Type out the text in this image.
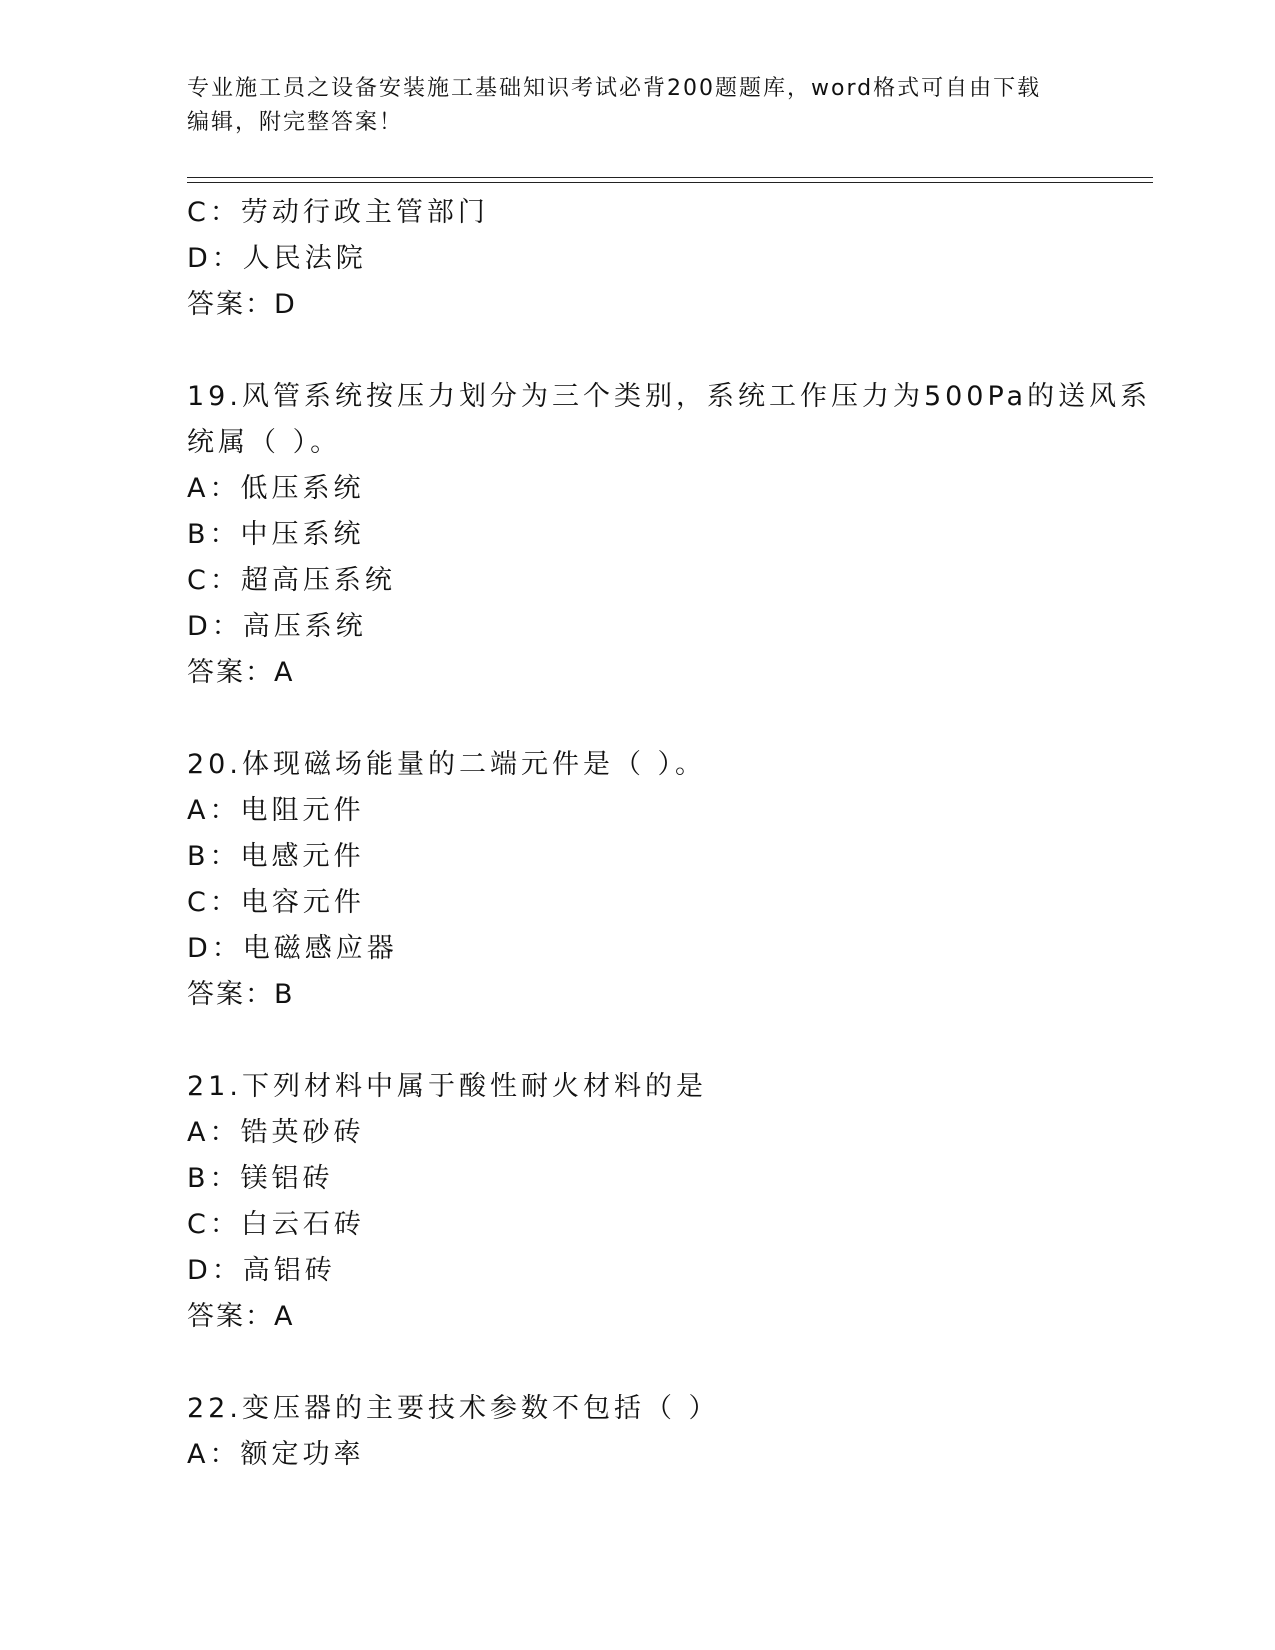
专业施工员之设备安装施工基础知识考试必背200题题库，word格式可自由下载
编辑，附完整答案！
C：劳动行政主管部门
D：人民法院
答案：D
19.风管系统按压力划分为三个类别，系统工作压力为500Pa的送风系
统属（ ）。
A：低压系统
B：中压系统
C：超高压系统
D：高压系统
答案：A
20.体现磁场能量的二端元件是（ ）。
A：电阻元件
B：电感元件
C：电容元件
D：电磁感应器
答案：B
21.下列材料中属于酸性耐火材料的是
A：锆英砂砖
B：镁铝砖
C：白云石砖
D：高铝砖
答案：A
22.变压器的主要技术参数不包括（ ）
A：额定功率
